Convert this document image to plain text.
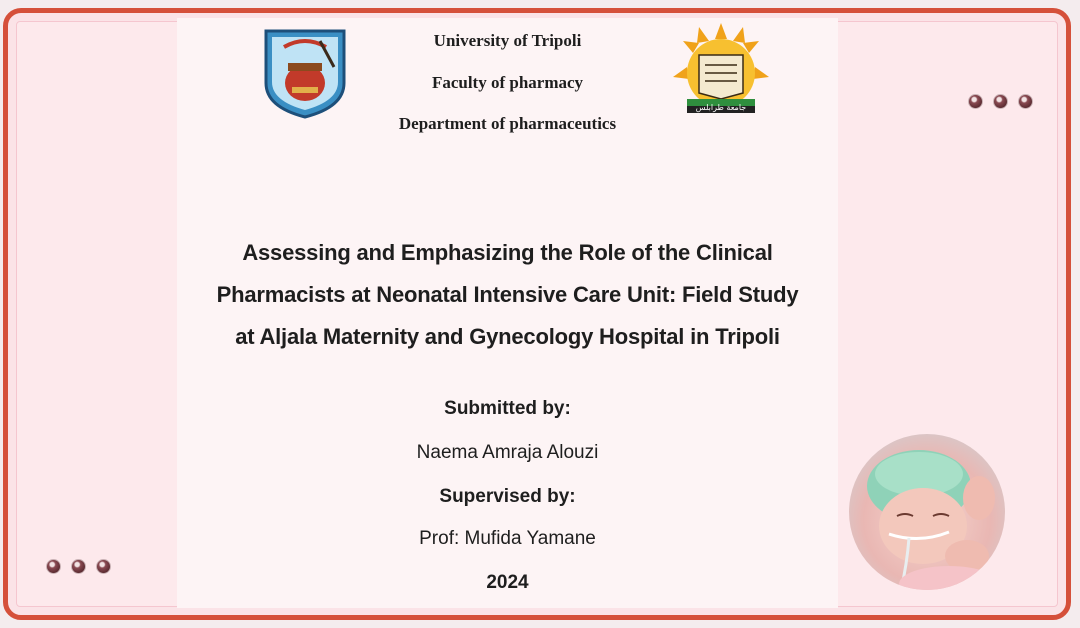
جامعة طرابلس
University of Tripoli
Faculty of pharmacy
Department of pharmaceutics
Assessing and Emphasizing the Role of the Clinical
Pharmacists at Neonatal Intensive Care Unit: Field Study
at Aljala Maternity and Gynecology Hospital in Tripoli
Submitted by:
Naema Amraja Alouzi
Supervised by:
Prof: Mufida Yamane
2024
